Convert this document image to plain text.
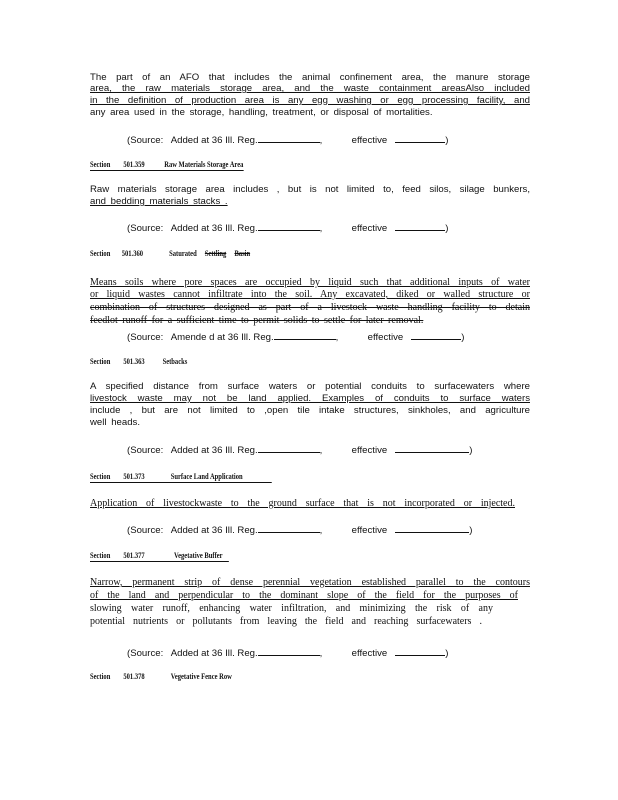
The part of an AFO that includes the animal confinement area, the manure storage
area, the raw materials storage area, and the waste containment areasAlso included
in the definition of production area is any egg washing or egg processing facility, and
any area used in the storage, handling, treatment, or disposal of mortalities.
(Source: Added at 36 Ill. Reg.	,	effective	)
Section 501.359 Raw Materials Storage Area
Raw materials storage area includes , but is not limited to, feed silos, silage bunkers,
and bedding materials stacks .
(Source: Added at 36 Ill. Reg.	,	effective	)
Section 501.360	Saturated Settling Basin
Means soils where pore spaces are occupied by liquid such that additional inputs of water
or liquid wastes cannot infiltrate into the soil. Any excavated, diked or walled structure or
combination of structures designed as part of a livestock waste handling facility to detain
feedlot runoff for a sufficient time to permit solids to settle for later removal.
(Source: Amende d at 36 Ill. Reg.	,	effective	)
Section 501.363 Setbacks
A specified distance from surface waters or potential conduits to surfacewaters where
livestock waste may not be land applied. Examples of conduits to surface waters
include , but are not limited to ,open tile intake structures, sinkholes, and agriculture
well heads.
(Source: Added at 36 Ill. Reg.	,	effective	)
Section 501.373	Surface Land Application
Application of livestockwaste to the ground surface that is not incorporated or injected.
(Source: Added at 36 Ill. Reg.	,	effective	)
Section 501.377	Vegetative Buffer
Narrow, permanent strip of dense perennial vegetation established parallel to the contours
of the land and perpendicular to the dominant slope of the field for the purposes of
slowing water runoff, enhancing water infiltration, and minimizing the risk of any
potential nutrients or pollutants from leaving the field and reaching surfacewaters .
(Source: Added at 36 Ill. Reg.	,	effective	)
Section 501.378	Vegetative Fence Row
